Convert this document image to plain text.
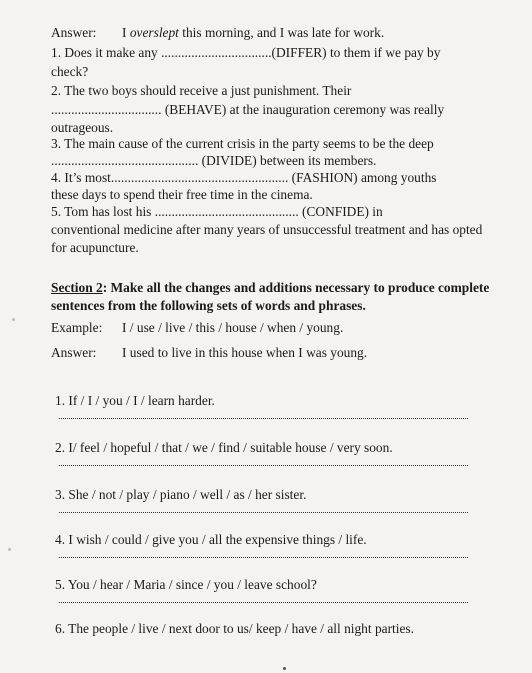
Answer: I overslept this morning, and I was late for work.
1. Does it make any .................................(DIFFER) to them if we pay by
check?
2. The two boys should receive a just punishment. Their
................................. (BEHAVE) at the inauguration ceremony was really
outrageous.
3. The main cause of the current crisis in the party seems to be the deep
............................................ (DIVIDE) between its members.
4. It’s most..................................................... (FASHION) among youths
these days to spend their free time in the cinema.
5. Tom has lost his ........................................... (CONFIDE) in
conventional medicine after many years of unsuccessful treatment and has opted
for acupuncture.
Section 2: Make all the changes and additions necessary to produce complete
sentences from the following sets of words and phrases.
Example: I / use / live / this / house / when / young.
Answer: I used to live in this house when I was young.
1. If / I / you / I / learn harder.
2. I/ feel / hopeful / that / we / find / suitable house / very soon.
3. She / not / play / piano / well / as / her sister.
4. I wish / could / give you / all the expensive things / life.
5. You / hear / Maria / since / you / leave school?
6. The people / live / next door to us/ keep / have / all night parties.
